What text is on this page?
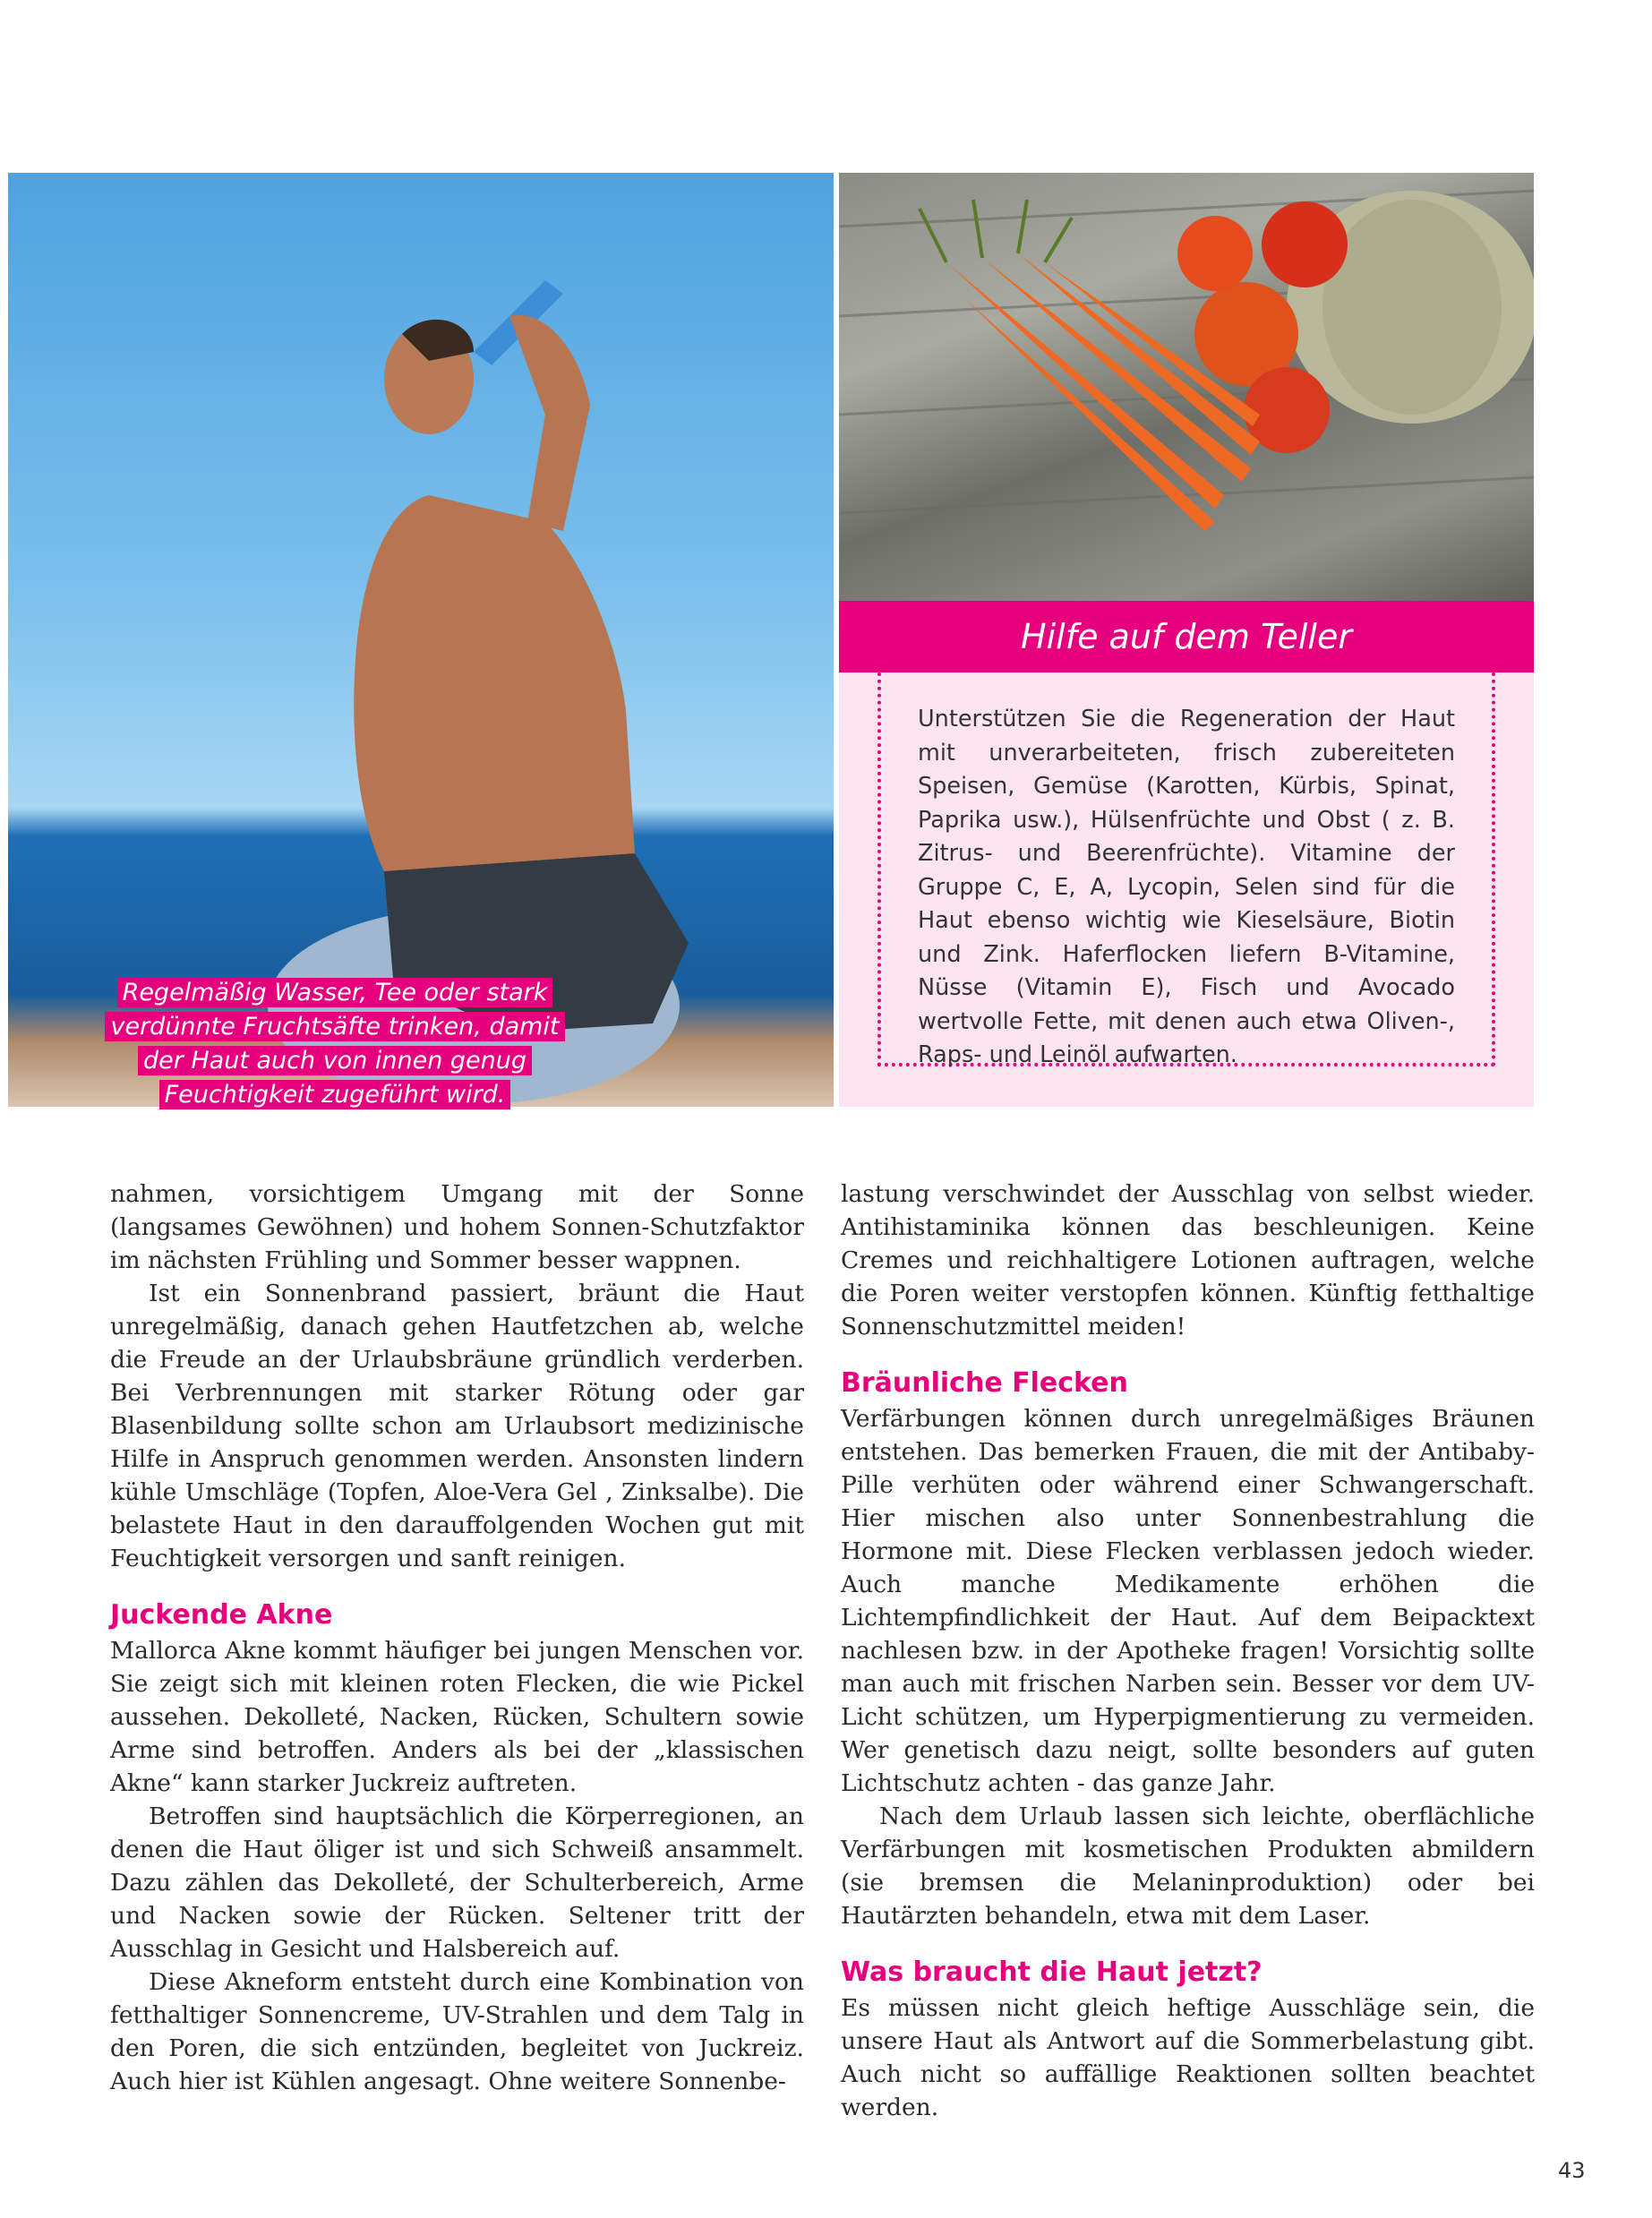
Regelmäßig Wasser, Tee oder stark verdünnte Fruchtsäfte trinken, damit der Haut auch von innen genug Feuchtigkeit zugeführt wird.
Hilfe auf dem Teller
Unterstützen Sie die Regeneration der Haut mit unverarbeiteten, frisch zubereiteten Speisen, Gemüse (Karotten, Kürbis, Spinat, Paprika usw.), Hülsenfrüchte und Obst ( z. B. Zitrus- und Beerenfrüchte). Vitamine der Gruppe C, E, A, Lycopin, Selen sind für die Haut ebenso wichtig wie Kieselsäure, Biotin und Zink. Haferflocken liefern B-Vitamine, Nüsse (Vitamin E), Fisch und Avocado wertvolle Fette, mit denen auch etwa Oliven-, Raps- und Leinöl aufwarten.

nahmen, vorsichtigem Umgang mit der Sonne (langsames Gewöhnen) und hohem Sonnen-Schutzfaktor im nächsten Frühling und Sommer besser wappnen.

Ist ein Sonnenbrand passiert, bräunt die Haut unregelmäßig, danach gehen Hautfetzchen ab, welche die Freude an der Urlaubsbräune gründlich verderben. Bei Verbrennungen mit starker Rötung oder gar Blasenbildung sollte schon am Urlaubsort medizinische Hilfe in Anspruch genommen werden. Ansonsten lindern kühle Umschläge (Topfen, Aloe-Vera Gel , Zinksalbe). Die belastete Haut in den darauffolgenden Wochen gut mit Feuchtigkeit versorgen und sanft reinigen.

Juckende Akne

Mallorca Akne kommt häufiger bei jungen Menschen vor. Sie zeigt sich mit kleinen roten Flecken, die wie Pickel aussehen. Dekolleté, Nacken, Rücken, Schultern sowie Arme sind betroffen. Anders als bei der „klassischen Akne“ kann starker Juckreiz auftreten.

Betroffen sind hauptsächlich die Körperregionen, an denen die Haut öliger ist und sich Schweiß ansammelt. Dazu zählen das Dekolleté, der Schulterbereich, Arme und Nacken sowie der Rücken. Seltener tritt der Ausschlag in Gesicht und Halsbereich auf.

Diese Akneform entsteht durch eine Kombination von fetthaltiger Sonnencreme, UV-Strahlen und dem Talg in den Poren, die sich entzünden, begleitet von Juckreiz. Auch hier ist Kühlen angesagt. Ohne weitere Sonnenbe-

lastung verschwindet der Ausschlag von selbst wieder. Antihistaminika können das beschleunigen. Keine Cremes und reichhaltigere Lotionen auftragen, welche die Poren weiter verstopfen können. Künftig fetthaltige Sonnenschutzmittel meiden!

Bräunliche Flecken

Verfärbungen können durch unregelmäßiges Bräunen entstehen. Das bemerken Frauen, die mit der Antibaby-Pille verhüten oder während einer Schwangerschaft. Hier mischen also unter Sonnenbestrahlung die Hormone mit. Diese Flecken verblassen jedoch wieder. Auch manche Medikamente erhöhen die Lichtempfindlichkeit der Haut. Auf dem Beipacktext nachlesen bzw. in der Apotheke fragen! Vorsichtig sollte man auch mit frischen Narben sein. Besser vor dem UV-Licht schützen, um Hyperpigmentierung zu vermeiden. Wer genetisch dazu neigt, sollte besonders auf guten Lichtschutz achten - das ganze Jahr.

Nach dem Urlaub lassen sich leichte, oberflächliche Verfärbungen mit kosmetischen Produkten abmildern (sie bremsen die Melaninproduktion) oder bei Hautärzten behandeln, etwa mit dem Laser.

Was braucht die Haut jetzt?

Es müssen nicht gleich heftige Ausschläge sein, die unsere Haut als Antwort auf die Sommerbelastung gibt. Auch nicht so auffällige Reaktionen sollten beachtet werden.

43
